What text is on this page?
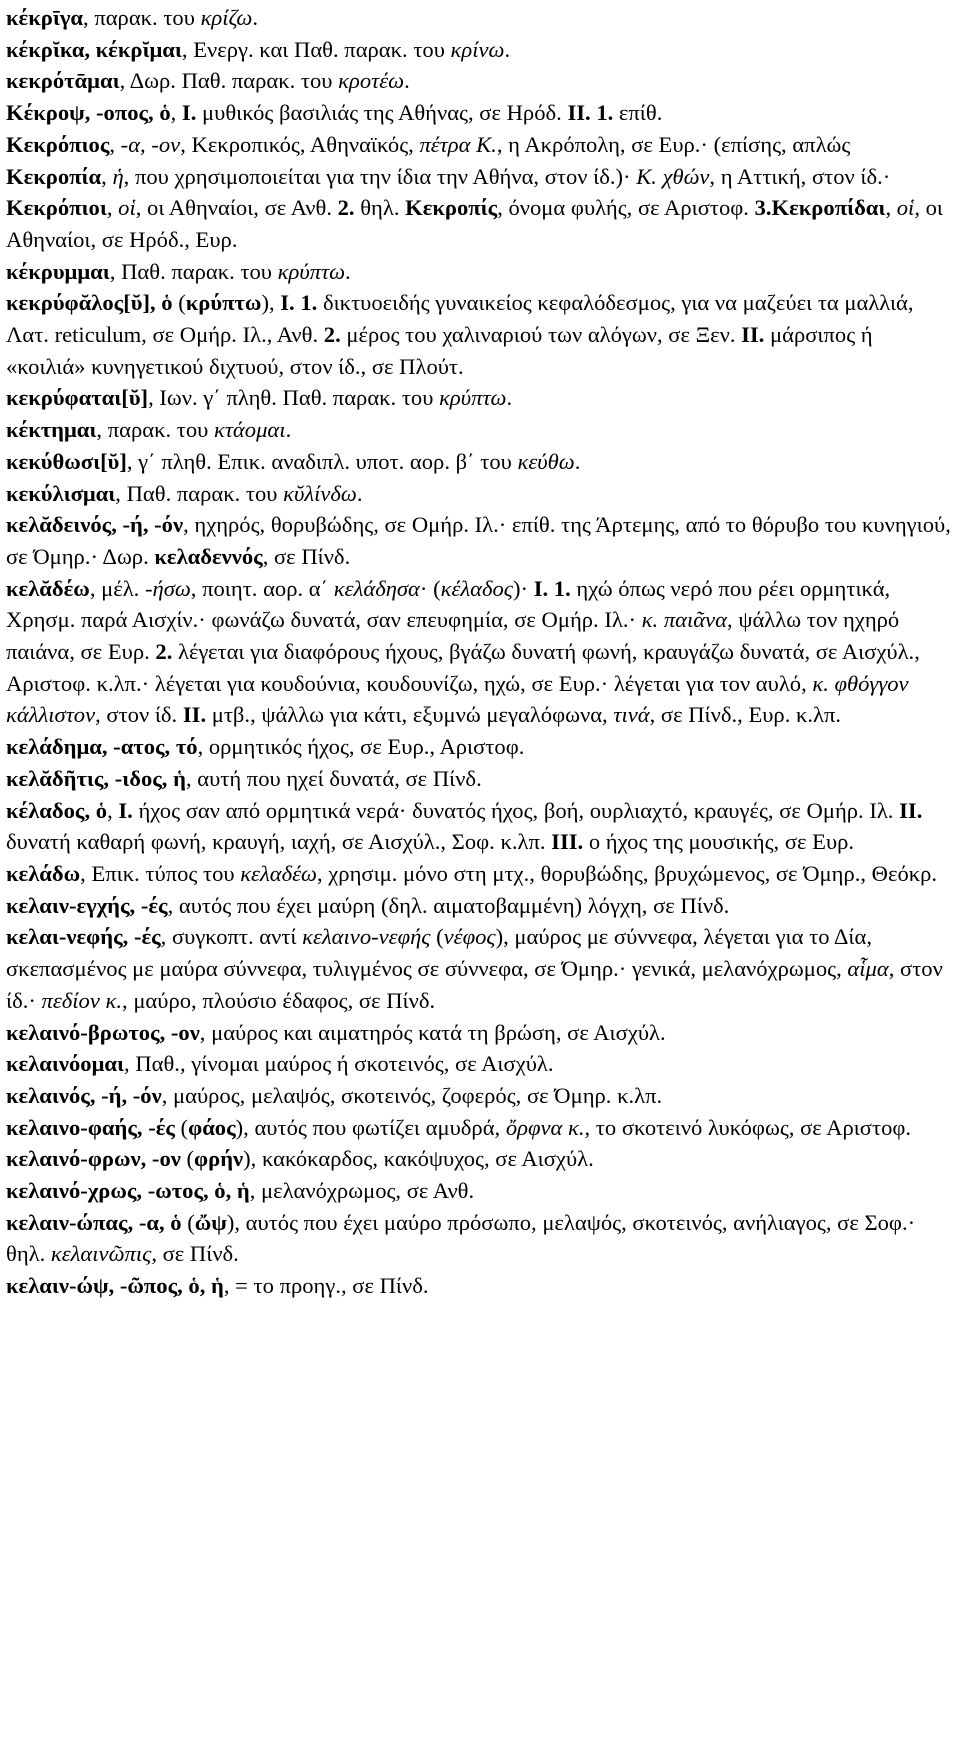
κέκρῑγα, παρακ. του κρίζω.

κέκρῐκα, κέκρῐμαι, Ενεργ. και Παθ. παρακ. του κρίνω.

κεκρότᾱμαι, Δωρ. Παθ. παρακ. του κροτέω.

Κέκροψ, -οπος, ὁ, I. μυθικός βασιλιάς της Αθήνας, σε Ηρόδ. II. 1. επίθ.

Κεκρόπιος, -α, -ον, Κεκροπικός, Αθηναϊκός, πέτρα Κ., η Ακρόπολη, σε Ευρ.· (επίσης, απλώς Κεκροπία, ἡ, που χρησιμοποιείται για την ίδια την Αθήνα, στον ίδ.)· Κ. χθών, η Αττική, στον ίδ.· Κεκρόπιοι, οἱ, οι Αθηναίοι, σε Ανθ. 2. θηλ. Κεκροπίς, όνομα φυλής, σε Αριστοφ. 3.Κεκροπίδαι, οἱ, οι Αθηναίοι, σε Ηρόδ., Ευρ.

κέκρυμμαι, Παθ. παρακ. του κρύπτω.

κεκρύφᾰλος[ῠ], ὁ (κρύπτω), I. 1. δικτυοειδής γυναικείος κεφαλόδεσμος, για να μαζεύει τα μαλλιά, Λατ. reticulum, σε Ομήρ. Ιλ., Ανθ. 2. μέρος του χαλιναριού των αλόγων, σε Ξεν. II. μάρσιπος ή «κοιλιά» κυνηγετικού διχτυού, στον ίδ., σε Πλούτ.

κεκρύφαται[ῠ], Ιων. γ΄ πληθ. Παθ. παρακ. του κρύπτω.

κέκτημαι, παρακ. του κτάομαι.

κεκύθωσι[ῠ], γ΄ πληθ. Επικ. αναδιπλ. υποτ. αορ. β΄ του κεύθω.

κεκύλισμαι, Παθ. παρακ. του κῠλίνδω.

κελᾰδεινός, -ή, -όν, ηχηρός, θορυβώδης, σε Ομήρ. Ιλ.· επίθ. της Άρτεμης, από το θόρυβο του κυνηγιού, σε Όμηρ.· Δωρ. κελαδεννός, σε Πίνδ.

κελᾰδέω, μέλ. -ήσω, ποιητ. αορ. α΄ κελάδησα· (κέλαδος)· I. 1. ηχώ όπως νερό που ρέει ορμητικά, Χρησμ. παρά Αισχίν.· φωνάζω δυνατά, σαν επευφημία, σε Ομήρ. Ιλ.· κ. παιᾶνα, ψάλλω τον ηχηρό παιάνα, σε Ευρ. 2. λέγεται για διαφόρους ήχους, βγάζω δυνατή φωνή, κραυγάζω δυνατά, σε Αισχύλ., Αριστοφ. κ.λπ.· λέγεται για κουδούνια, κουδουνίζω, ηχώ, σε Ευρ.· λέγεται για τον αυλό, κ. φθόγγον κάλλιστον, στον ίδ. II. μτβ., ψάλλω για κάτι, εξυμνώ μεγαλόφωνα, τινά, σε Πίνδ., Ευρ. κ.λπ.

κελάδημα, -ατος, τό, ορμητικός ήχος, σε Ευρ., Αριστοφ.

κελᾰδῆτις, -ιδος, ἡ, αυτή που ηχεί δυνατά, σε Πίνδ.

κέλαδος, ὁ, I. ήχος σαν από ορμητικά νερά· δυνατός ήχος, βοή, ουρλιαχτό, κραυγές, σε Ομήρ. Ιλ. II. δυνατή καθαρή φωνή, κραυγή, ιαχή, σε Αισχύλ., Σοφ. κ.λπ. III. ο ήχος της μουσικής, σε Ευρ.

κελάδω, Επικ. τύπος του κελαδέω, χρησιμ. μόνο στη μτχ., θορυβώδης, βρυχώμενος, σε Όμηρ., Θεόκρ.

κελαιν-εγχής, -ές, αυτός που έχει μαύρη (δηλ. αιματοβαμμένη) λόγχη, σε Πίνδ.

κελαι-νεφής, -ές, συγκοπτ. αντί κελαινο-νεφής (νέφος), μαύρος με σύννεφα, λέγεται για το Δία, σκεπασμένος με μαύρα σύννεφα, τυλιγμένος σε σύννεφα, σε Όμηρ.· γενικά, μελανόχρωμος, αἷμα, στον ίδ.· πεδίον κ., μαύρο, πλούσιο έδαφος, σε Πίνδ.

κελαινό-βρωτος, -ον, μαύρος και αιματηρός κατά τη βρώση, σε Αισχύλ.

κελαινόομαι, Παθ., γίνομαι μαύρος ή σκοτεινός, σε Αισχύλ.

κελαινός, -ή, -όν, μαύρος, μελαψός, σκοτεινός, ζοφερός, σε Όμηρ. κ.λπ.

κελαινο-φαής, -ές (φάος), αυτός που φωτίζει αμυδρά, ὄρφνα κ., το σκοτεινό λυκόφως, σε Αριστοφ.

κελαινό-φρων, -ον (φρήν), κακόκαρδος, κακόψυχος, σε Αισχύλ.

κελαινό-χρως, -ωτος, ὁ, ἡ, μελανόχρωμος, σε Ανθ.

κελαιν-ώπας, -α, ὁ (ὤψ), αυτός που έχει μαύρο πρόσωπο, μελαψός, σκοτεινός, ανήλιαγος, σε Σοφ.· θηλ. κελαινῶπις, σε Πίνδ.

κελαιν-ώψ, -ῶπος, ὁ, ἡ, = το προηγ., σε Πίνδ.
